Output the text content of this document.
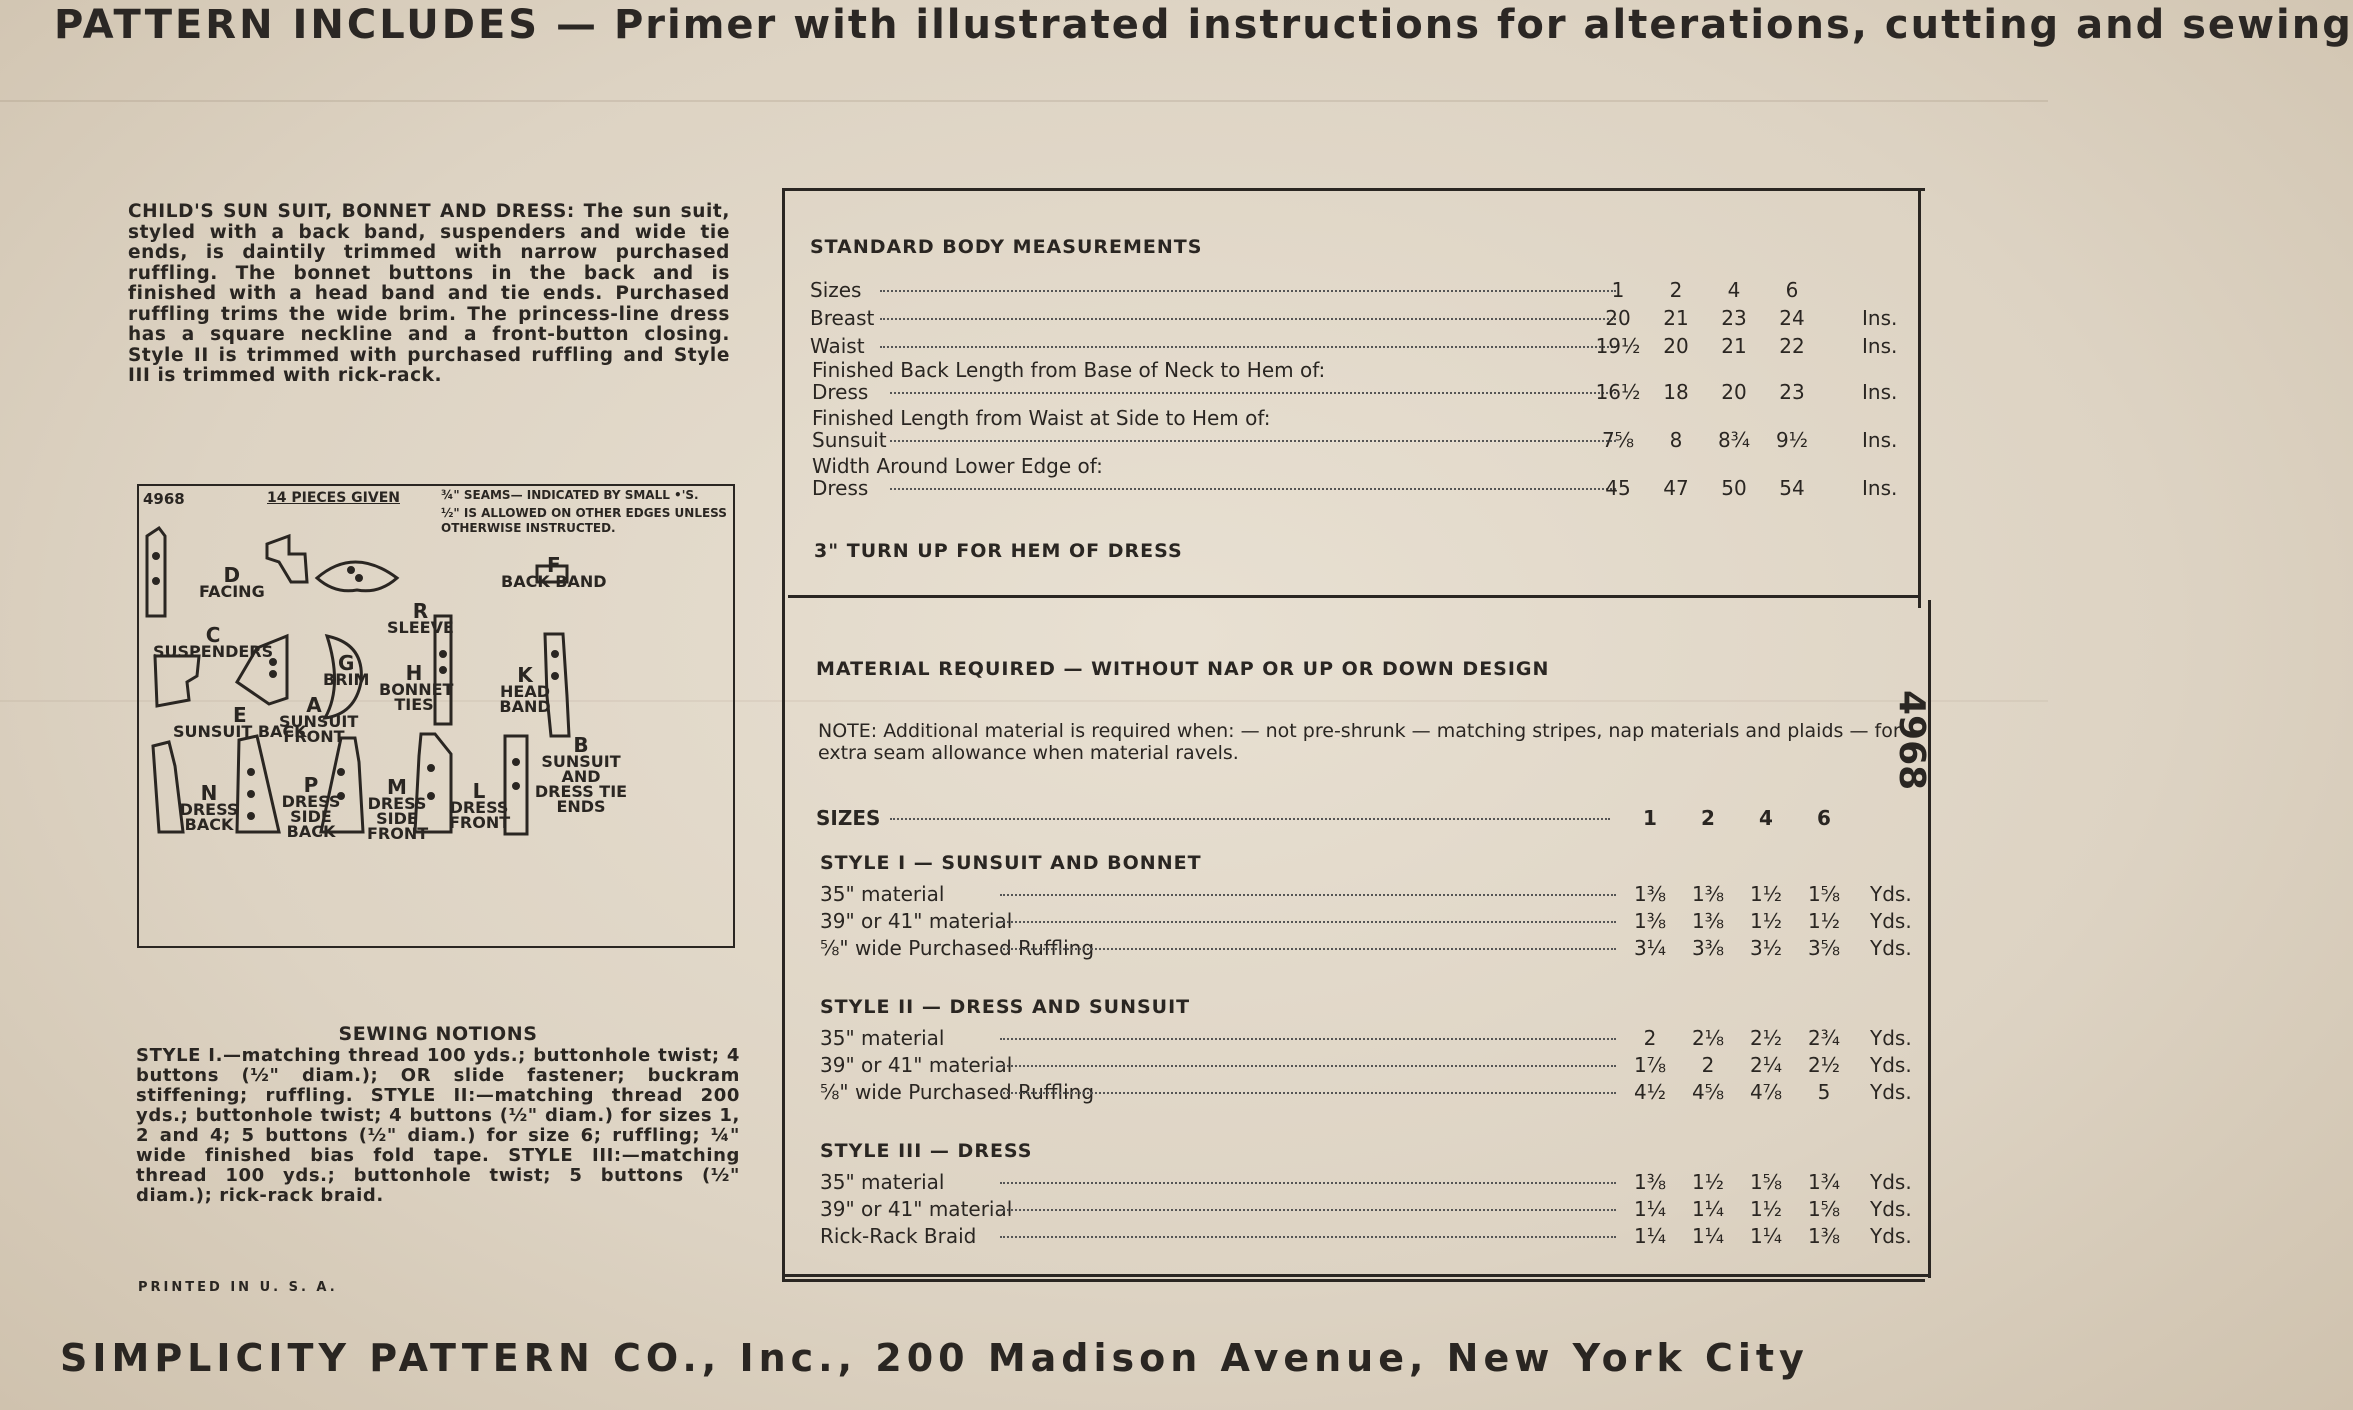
PATTERN INCLUDES — Primer with illustrated instructions for alterations, cutting and sewing
CHILD'S SUN SUIT, BONNET AND DRESS: The sun suit, styled with a back band, suspenders and wide tie ends, is daintily trimmed with narrow purchased ruffling. The bonnet buttons in the back and is finished with a head band and tie ends. Purchased ruffling trims the wide brim. The princess-line dress has a square neckline and a front-button closing. Style II is trimmed with purchased ruffling and Style III is trimmed with rick-rack.
4968	14 PIECES GIVEN	¾" SEAMS— INDICATED BY SMALL •'S.
½" IS ALLOWED ON OTHER EDGES UNLESS OTHERWISE INSTRUCTED.
D
FACING
C
SUSPENDERS
R
SLEEVE
F
BACK BAND
E
SUNSUIT BACK
G
BRIM
A
SUNSUIT FRONT
H
BONNET TIES
K
HEAD BAND
N
DRESS BACK
P
DRESS SIDE BACK
M
DRESS SIDE FRONT
L
DRESS FRONT
B
SUNSUIT AND DRESS TIE ENDS
SEWING NOTIONS
STYLE I.—matching thread 100 yds.; buttonhole twist; 4 buttons (½" diam.); OR slide fastener; buckram stiffening; ruffling. STYLE II:—matching thread 200 yds.; buttonhole twist; 4 buttons (½" diam.) for sizes 1, 2 and 4; 5 buttons (½" diam.) for size 6; ruffling; ¼" wide finished bias fold tape. STYLE III:—matching thread 100 yds.; buttonhole twist; 5 buttons (½" diam.); rick-rack braid.
PRINTED IN U. S. A.
STANDARD BODY MEASUREMENTS
Sizes	1	2	4	6
Breast	20	21	23	24	Ins.
Waist	19½	20	21	22	Ins.
Finished Back Length from Base of Neck to Hem of:
Dress	16½	18	20	23	Ins.
Finished Length from Waist at Side to Hem of:
Sunsuit	7⅝	8	8¾	9½	Ins.
Width Around Lower Edge of:
Dress	45	47	50	54	Ins.
3" TURN UP FOR HEM OF DRESS
MATERIAL REQUIRED — WITHOUT NAP OR UP OR DOWN DESIGN
NOTE: Additional material is required when: — not pre-shrunk — matching stripes, nap materials and plaids — for extra seam allowance when material ravels.
SIZES	1	2	4	6
STYLE I — SUNSUIT AND BONNET
35" material	1⅜	1⅜	1½	1⅝	Yds.
39" or 41" material	1⅜	1⅜	1½	1½	Yds.
⅝" wide Purchased Ruffling	3¼	3⅜	3½	3⅝	Yds.
STYLE II — DRESS AND SUNSUIT
35" material	2	2⅛	2½	2¾	Yds.
39" or 41" material	1⅞	2	2¼	2½	Yds.
⅝" wide Purchased Ruffling	4½	4⅝	4⅞	5	Yds.
STYLE III — DRESS
35" material	1⅜	1½	1⅝	1¾	Yds.
39" or 41" material	1¼	1¼	1½	1⅝	Yds.
Rick-Rack Braid	1¼	1¼	1¼	1⅜	Yds.
4968
SIMPLICITY PATTERN CO., Inc., 200 Madison Avenue, New York City
